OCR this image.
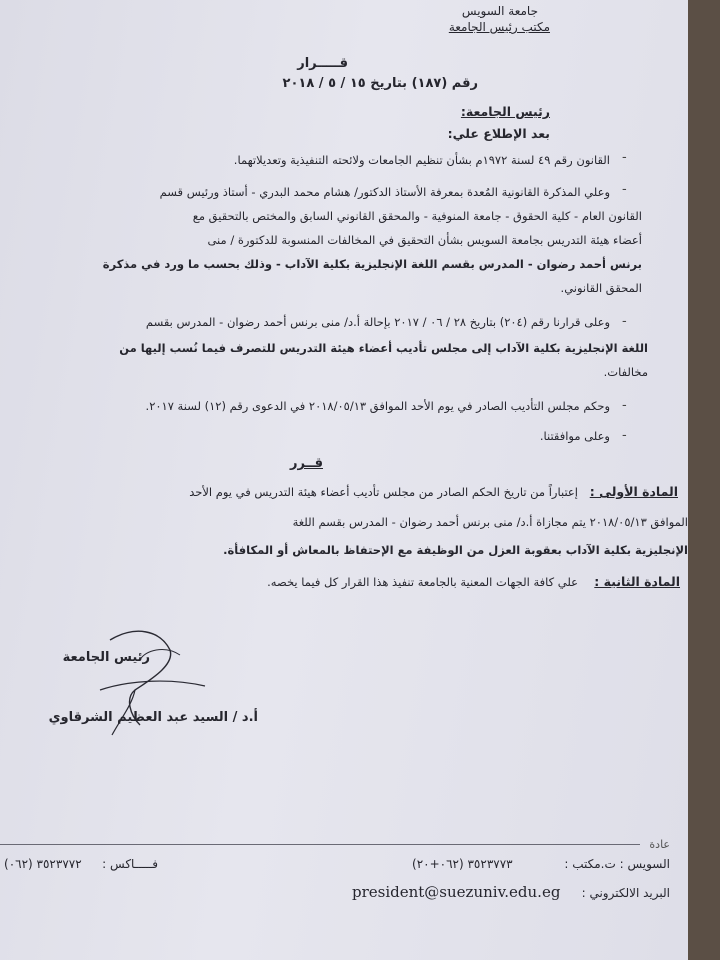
جامعة السويس
مكتب رئيس الجامعة
قـــــرار
رقم (١٨٧) بتاريخ ١٥ / ٥ / ٢٠١٨
رئيس الجامعة:
بعد الإطلاع علي:
-
القانون رقم ٤٩ لسنة ١٩٧٢م بشأن تنظيم الجامعات ولائحته التنفيذية وتعديلاتهما.
-
وعلي المذكرة القانونية المُعدة بمعرفة الأستاذ الدكتور/ هشام محمد البدري - أستاذ ورئيس قسم
القانون العام - كلية الحقوق - جامعة المنوفية - والمحقق القانوني السابق والمختص بالتحقيق مع
أعضاء هيئة التدريس بجامعة السويس بشأن التحقيق في المخالفات المنسوبة للدكتورة / منى
برنس أحمد رضوان - المدرس بقسم اللغة الإنجليزية بكلية الآداب - وذلك بحسب ما ورد في مذكرة
المحقق القانوني.
-
وعلى قرارنا رقم (٢٠٤) بتاريخ ٢٨ / ٠٦ / ٢٠١٧ بإحالة أ.د/ منى برنس أحمد رضوان - المدرس بقسم
اللغة الإنجليزية بكلية الآداب إلى مجلس تأديب أعضاء هيئة التدريس للتصرف فيما نُسب إليها من
مخالفات.
-
وحكم مجلس التأديب الصادر في يوم الأحد الموافق ٢٠١٨/٠٥/١٣ في الدعوى رقم (١٢) لسنة ٢٠١٧.
-
وعلى موافقتنا.
قــرر
المادة الأولى :
إعتباراً من تاريخ الحكم الصادر من مجلس تأديب أعضاء هيئة التدريس في يوم الأحد
الموافق ٢٠١٨/٠٥/١٣ يتم مجازاة أ.د/ منى برنس أحمد رضوان - المدرس بقسم اللغة
الإنجليزية بكلية الآداب بعقوبة العزل من الوظيفة مع الإحتفاظ بالمعاش أو المكافأة.
المادة الثانية :
علي كافة الجهات المعنية بالجامعة تنفيذ هذا القرار كل فيما يخصه.
رئيس الجامعة
أ.د / السيد عبد العظيم الشرقاوي
عادة
السويس : ت.مكتب :
(٠٦٢+٢٠) ٣٥٢٣٧٧٣
فـــــاكس :
٣٥٢٣٧٧٢ (٠٦٢)
البريد الالكتروني :
president@suezuniv.edu.eg
